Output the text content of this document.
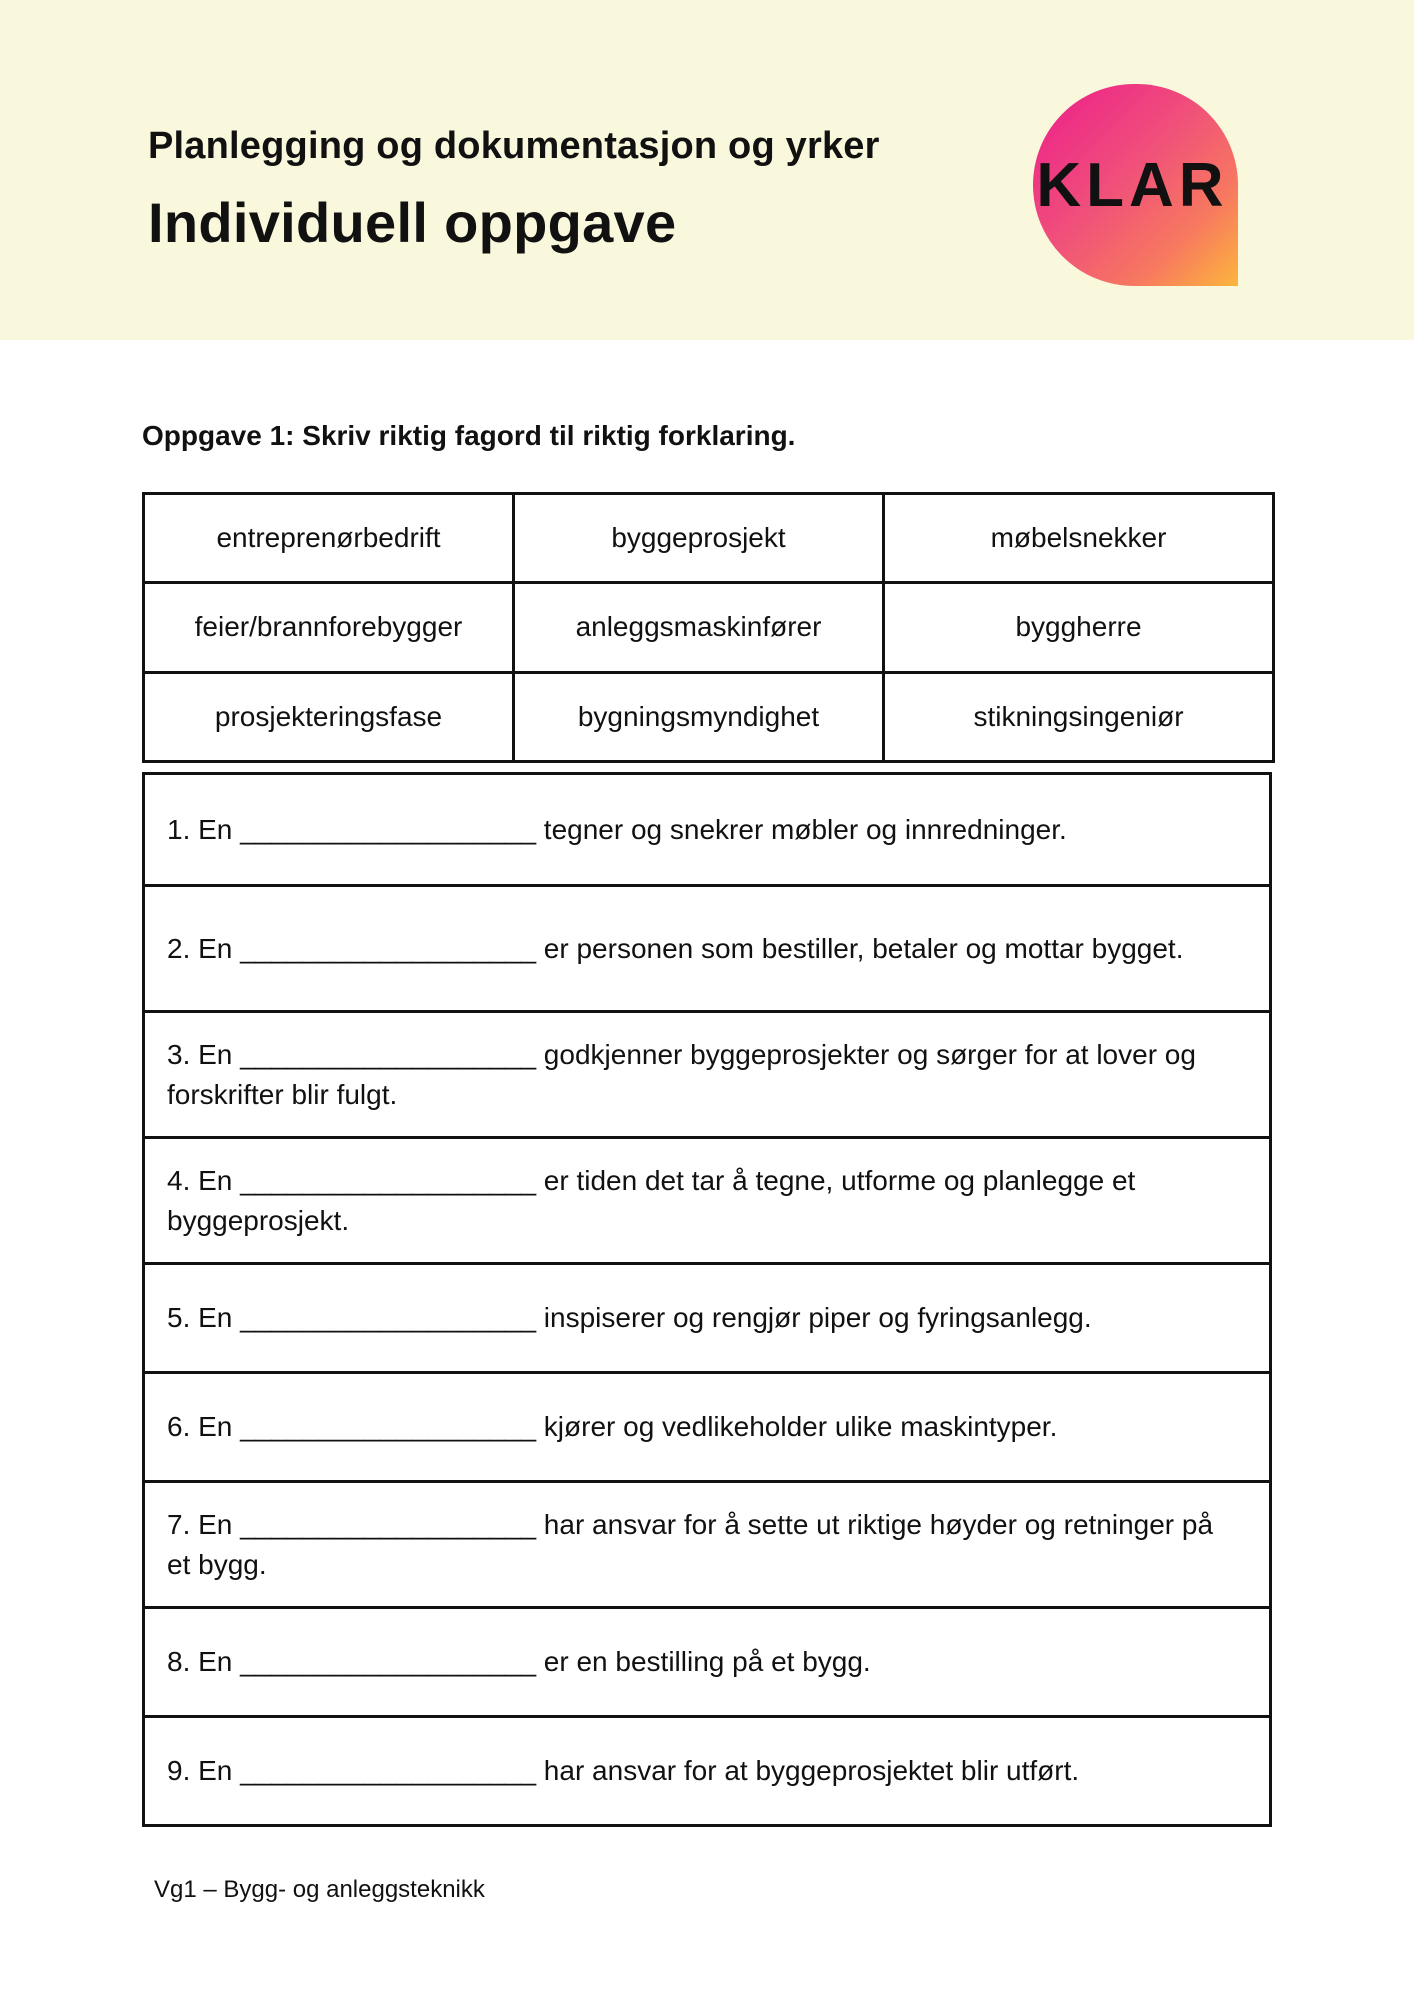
Planlegging og dokumentasjon og yrker
Individuell oppgave
KLAR
Oppgave 1: Skriv riktig fagord til riktig forklaring.
entreprenørbedrift	byggeprosjekt	møbelsnekker
feier/brannforebygger	anleggsmaskinfører	byggherre
prosjekteringsfase	bygningsmyndighet	stikningsingeniør
1. En ___________________ tegner og snekrer møbler og innredninger.
2. En ___________________ er personen som bestiller, betaler og mottar bygget.
3. En ___________________ godkjenner byggeprosjekter og sørger for at lover og forskrifter blir fulgt.
4. En ___________________ er tiden det tar å tegne, utforme og planlegge et byggeprosjekt.
5. En ___________________ inspiserer og rengjør piper og fyringsanlegg.
6. En ___________________ kjører og vedlikeholder ulike maskintyper.
7. En ___________________ har ansvar for å sette ut riktige høyder og retninger på et bygg.
8. En ___________________ er en bestilling på et bygg.
9. En ___________________ har ansvar for at byggeprosjektet blir utført.
Vg1 – Bygg- og anleggsteknikk
